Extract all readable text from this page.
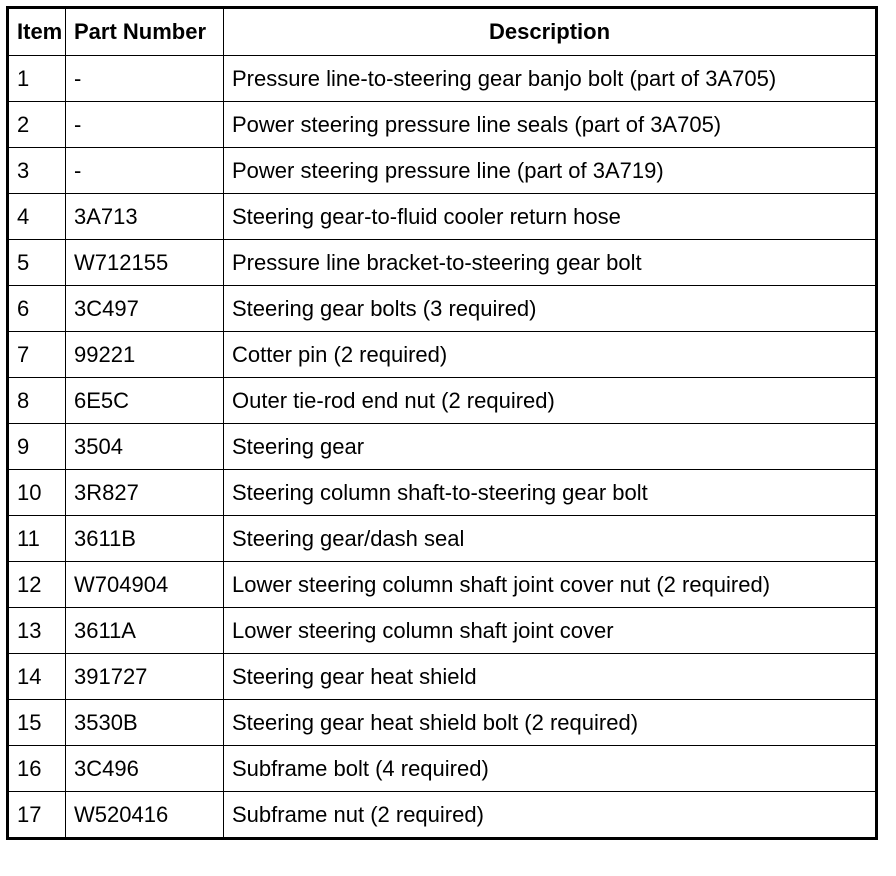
Item	Part Number	Description
1	-	Pressure line-to-steering gear banjo bolt (part of 3A705)
2	-	Power steering pressure line seals (part of 3A705)
3	-	Power steering pressure line (part of 3A719)
4	3A713	Steering gear-to-fluid cooler return hose
5	W712155	Pressure line bracket-to-steering gear bolt
6	3C497	Steering gear bolts (3 required)
7	99221	Cotter pin (2 required)
8	6E5C	Outer tie-rod end nut (2 required)
9	3504	Steering gear
10	3R827	Steering column shaft-to-steering gear bolt
11	3611B	Steering gear/dash seal
12	W704904	Lower steering column shaft joint cover nut (2 required)
13	3611A	Lower steering column shaft joint cover
14	391727	Steering gear heat shield
15	3530B	Steering gear heat shield bolt (2 required)
16	3C496	Subframe bolt (4 required)
17	W520416	Subframe nut (2 required)
